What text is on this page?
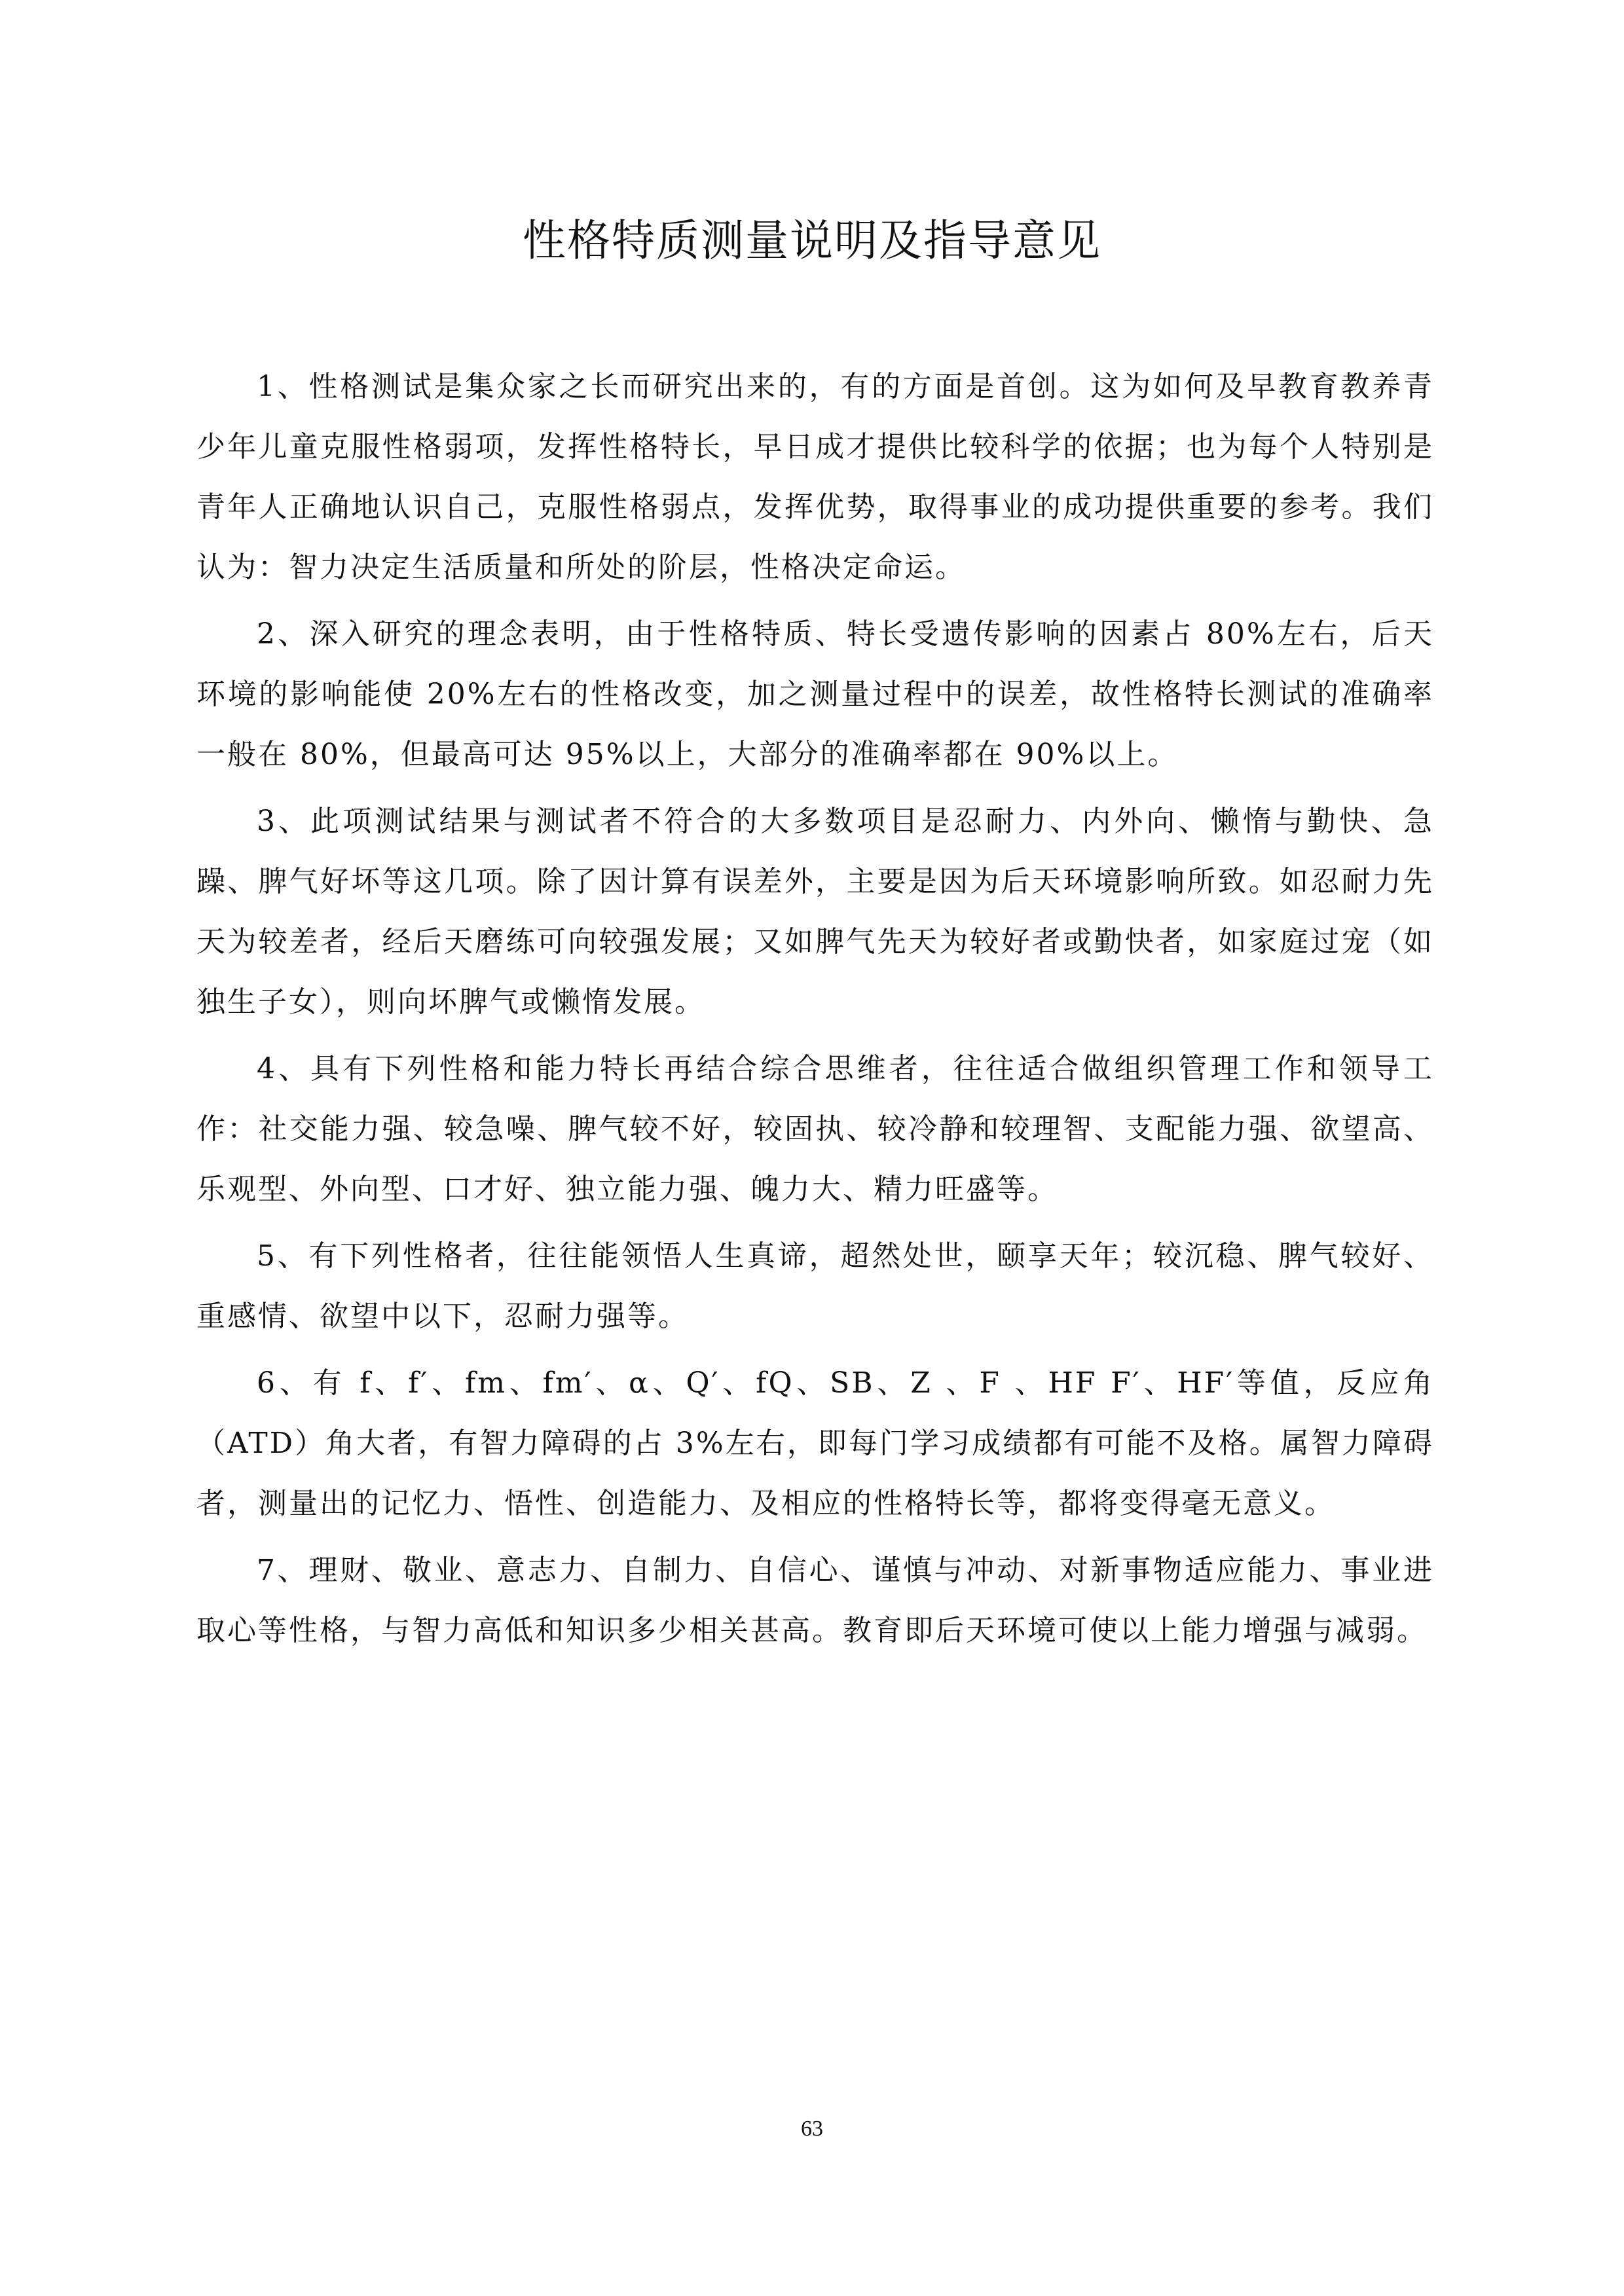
性格特质测量说明及指导意见

1、性格测试是集众家之长而研究出来的，有的方面是首创。这为如何及早教育教养青少年儿童克服性格弱项，发挥性格特长，早日成才提供比较科学的依据；也为每个人特别是青年人正确地认识自己，克服性格弱点，发挥优势，取得事业的成功提供重要的参考。我们认为：智力决定生活质量和所处的阶层，性格决定命运。

2、深入研究的理念表明，由于性格特质、特长受遗传影响的因素占 80%左右，后天环境的影响能使 20%左右的性格改变，加之测量过程中的误差，故性格特长测试的准确率一般在 80%，但最高可达 95%以上，大部分的准确率都在 90%以上。

3、此项测试结果与测试者不符合的大多数项目是忍耐力、内外向、懒惰与勤快、急躁、脾气好坏等这几项。除了因计算有误差外，主要是因为后天环境影响所致。如忍耐力先天为较差者，经后天磨练可向较强发展；又如脾气先天为较好者或勤快者，如家庭过宠（如独生子女），则向坏脾气或懒惰发展。

4、具有下列性格和能力特长再结合综合思维者，往往适合做组织管理工作和领导工作：社交能力强、较急噪、脾气较不好，较固执、较冷静和较理智、支配能力强、欲望高、乐观型、外向型、口才好、独立能力强、魄力大、精力旺盛等。

5、有下列性格者，往往能领悟人生真谛，超然处世，颐享天年；较沉稳、脾气较好、重感情、欲望中以下，忍耐力强等。

6、有 f、f′、fm、fm′、α、Q′、fQ、SB、Z 、F 、HF F′、HF′等值，反应角（ATD）角大者，有智力障碍的占 3%左右，即每门学习成绩都有可能不及格。属智力障碍者，测量出的记忆力、悟性、创造能力、及相应的性格特长等，都将变得毫无意义。

7、理财、敬业、意志力、自制力、自信心、谨慎与冲动、对新事物适应能力、事业进取心等性格，与智力高低和知识多少相关甚高。教育即后天环境可使以上能力增强与减弱。

63
